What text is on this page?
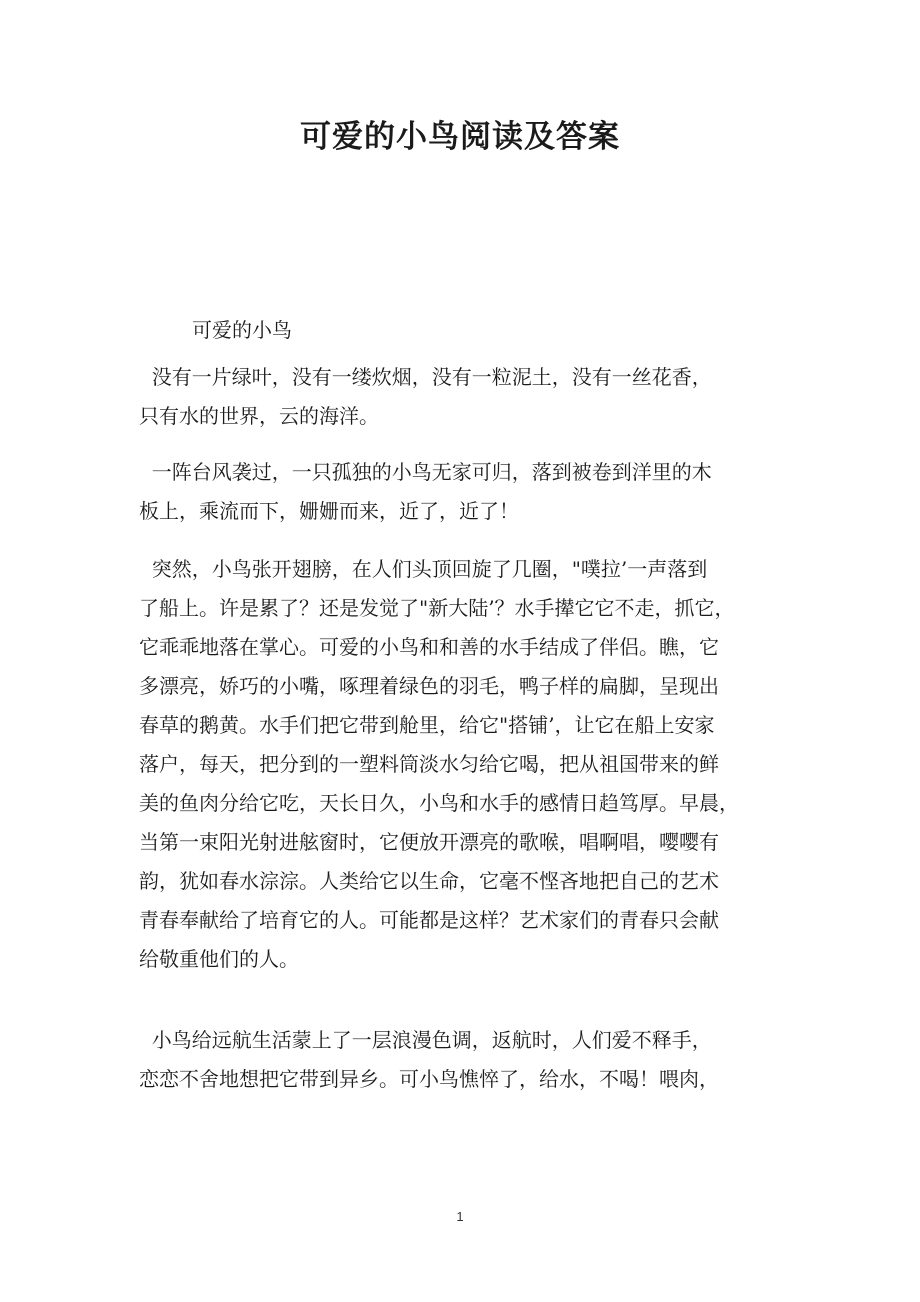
可爱的小鸟阅读及答案
可爱的小鸟
没有一片绿叶，没有一缕炊烟，没有一粒泥土，没有一丝花香，
只有水的世界，云的海洋。
一阵台风袭过，一只孤独的小鸟无家可归，落到被卷到洋里的木
板上，乘流而下，姗姗而来，近了，近了！
突然，小鸟张开翅膀，在人们头顶回旋了几圈，"噗拉’一声落到
了船上。许是累了？还是发觉了"新大陆’？水手撵它它不走，抓它，
它乖乖地落在掌心。可爱的小鸟和和善的水手结成了伴侣。瞧，它
多漂亮，娇巧的小嘴，啄理着绿色的羽毛，鸭子样的扁脚，呈现出
春草的鹅黄。水手们把它带到舱里，给它"搭铺’，让它在船上安家
落户，每天，把分到的一塑料筒淡水匀给它喝，把从祖国带来的鲜
美的鱼肉分给它吃，天长日久，小鸟和水手的感情日趋笃厚。早晨，
当第一束阳光射进舷窗时，它便放开漂亮的歌喉，唱啊唱，嘤嘤有
韵，犹如春水淙淙。人类给它以生命，它毫不悭吝地把自己的艺术
青春奉献给了培育它的人。可能都是这样？艺术家们的青春只会献
给敬重他们的人。
小鸟给远航生活蒙上了一层浪漫色调，返航时，人们爱不释手，
恋恋不舍地想把它带到异乡。可小鸟憔悴了，给水，不喝！喂肉，
1
